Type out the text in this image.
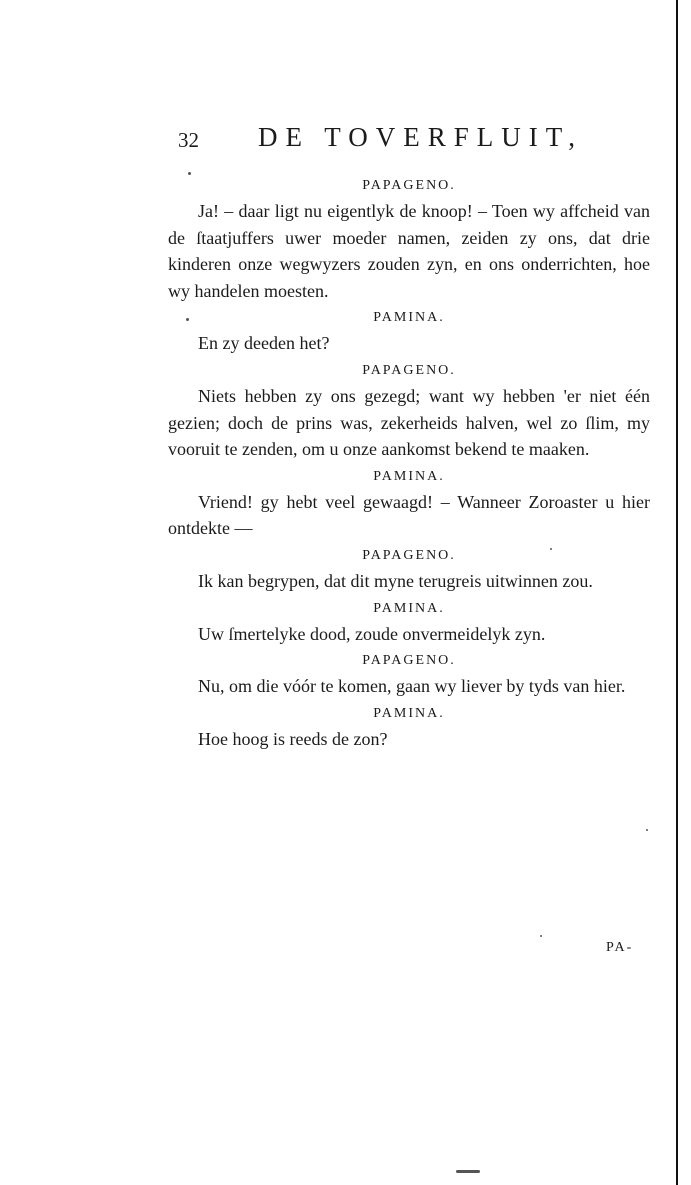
32 DE TOVERFLUIT,
PAPAGENO.

Ja! – daar ligt nu eigentlyk de knoop! – Toen wy affcheid van de ſtaatjuffers uwer moeder namen, zeiden zy ons, dat drie kinderen onze wegwyzers zouden zyn, en ons onderrichten, hoe wy handelen moesten.

PAMINA.

En zy deeden het?

PAPAGENO.

Niets hebben zy ons gezegd; want wy hebben 'er niet één gezien; doch de prins was, zekerheids halven, wel zo ſlim, my vooruit te zenden, om u onze aankomst bekend te maaken.

PAMINA.

Vriend! gy hebt veel gewaagd! – Wanneer Zoroaster u hier ontdekte —

PAPAGENO.

Ik kan begrypen, dat dit myne terugreis uitwinnen zou.

PAMINA.

Uw ſmertelyke dood, zoude onvermeidelyk zyn.

PAPAGENO.

Nu, om die vóór te komen, gaan wy liever by tyds van hier.

PAMINA.

Hoe hoog is reeds de zon?

PA-
